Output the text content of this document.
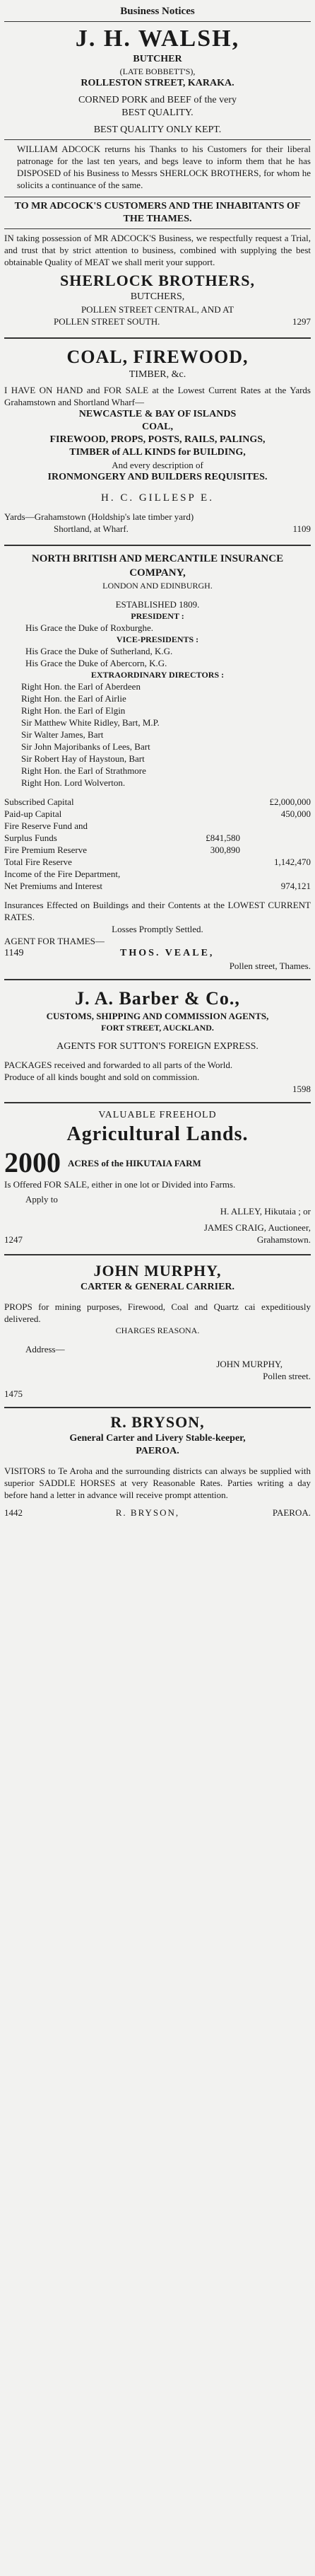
Business Notices
J. H. WALSH,
BUTCHER
(LATE BOBBETT'S),
ROLLESTON STREET, KARAKA.
CORNED PORK and BEEF of the very
BEST QUALITY.
BEST QUALITY ONLY KEPT.

WILLIAM ADCOCK returns his Thanks to his Customers for their liberal patronage for the last ten years, and begs leave to inform them that he has DISPOSED of his Business to Messrs SHERLOCK BROTHERS, for whom he solicits a continuance of the same.

TO MR ADCOCK'S CUSTOMERS AND THE INHABITANTS OF THE THAMES.

IN taking possession of MR ADCOCK'S Business, we respectfully request a Trial, and trust that by strict attention to business, combined with supplying the best obtainable Quality of MEAT we shall merit your support.

SHERLOCK BROTHERS,
BUTCHERS,
POLLEN STREET CENTRAL, AND AT
POLLEN STREET SOUTH.	1297
COAL, FIREWOOD,
TIMBER, &c.

I HAVE ON HAND and FOR SALE at the Lowest Current Rates at the Yards Grahamstown and Shortland Wharf—

NEWCASTLE & BAY OF ISLANDS
COAL,
FIREWOOD, PROPS, POSTS, RAILS, PALINGS,
TIMBER of ALL KINDS for BUILDING,
And every description of
IRONMONGERY AND BUILDERS REQUISITES.
H. C. GILLESP E.

Yards—Grahamstown (Holdship's late timber yard)

Shortland, at Wharf.	1109

NORTH BRITISH AND MERCANTILE INSURANCE COMPANY,

LONDON AND EDINBURGH.
ESTABLISHED 1809.
PRESIDENT :
His Grace the Duke of Roxburghe.
VICE-PRESIDENTS :
His Grace the Duke of Sutherland, K.G.
His Grace the Duke of Abercorn, K.G.
EXTRAORDINARY DIRECTORS :
Right Hon. the Earl of Aberdeen
Right Hon. the Earl of Airlie
Right Hon. the Earl of Elgin
Sir Matthew White Ridley, Bart, M.P.
Sir Walter James, Bart
Sir John Majoribanks of Lees, Bart
Sir Robert Hay of Haystoun, Bart
Right Hon. the Earl of Strathmore
Right Hon. Lord Wolverton.
Subscribed Capital	£2,000,000
Paid-up Capital	450,000
Fire Reserve Fund and
Surplus Funds	£841,580
Fire Premium Reserve	300,890
Total Fire Reserve	1,142,470
Income of the Fire Department,
Net Premiums and Interest	974,121

Insurances Effected on Buildings and their Contents at the LOWEST CURRENT RATES.

Losses Promptly Settled.
AGENT FOR THAMES—
1149	THOS. VEALE,
Pollen street, Thames.
J. A. Barber & Co.,

CUSTOMS, SHIPPING AND COMMISSION AGENTS,

FORT STREET, AUCKLAND.

AGENTS FOR SUTTON'S FOREIGN EXPRESS.

PACKAGES received and forwarded to all parts of the World.

Produce of all kinds bought and sold on commission.

1598
VALUABLE FREEHOLD
Agricultural Lands.
2000 ACRES of the HIKUTAIA FARM

Is Offered FOR SALE, either in one lot or Divided into Farms.

Apply to
H. ALLEY, Hikutaia ; or
JAMES CRAIG, Auctioneer,
1247	Grahamstown.
JOHN MURPHY,
CARTER & GENERAL CARRIER.

PROPS for mining purposes, Firewood, Coal and Quartz cai expeditiously delivered.

CHARGES REASONA.
Address—
JOHN MURPHY,
Pollen street.
1475
R. BRYSON,
General Carter and Livery Stable-keeper,
PAEROA.

VISITORS to Te Aroha and the surrounding districts can always be supplied with superior SADDLE HORSES at very Reasonable Rates. Parties writing a day before hand a letter in advance will receive prompt attention.

1442	R. BRYSON,	PAEROA.
